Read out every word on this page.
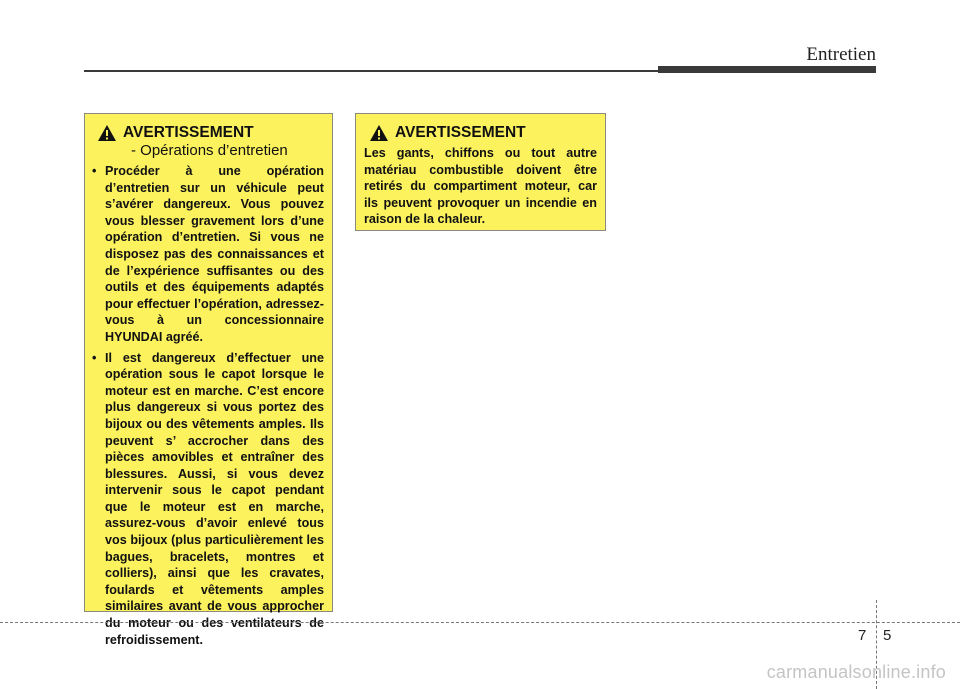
Entretien
AVERTISSEMENT
- Opérations d’entretien
• Procéder à une opération d’entretien sur un véhicule peut s’avérer dangereux. Vous pouvez vous blesser gravement lors d’une opération d’entretien. Si vous ne disposez pas des connaissances et de l’expérience suffisantes ou des outils et des équipements adaptés pour effectuer l’opération, adressez-vous à un concessionnaire HYUNDAI agréé.
• Il est dangereux d’effectuer une opération sous le capot lorsque le moteur est en marche. C’est encore plus dangereux si vous portez des bijoux ou des vêtements amples. Ils peuvent s’ accrocher dans des pièces amovibles et entraîner des blessures. Aussi, si vous devez intervenir sous le capot pendant que le moteur est en marche, assurez-vous d’avoir enlevé tous vos bijoux (plus particulièrement les bagues, bracelets, montres et colliers), ainsi que les cravates, foulards et vêtements amples similaires avant de vous approcher du moteur ou des ventilateurs de refroidissement.
AVERTISSEMENT

Les gants, chiffons ou tout autre matériau combustible doivent être retirés du compartiment moteur, car ils peuvent provoquer un incendie en raison de la chaleur.

7 5
carmanualsonline.info
